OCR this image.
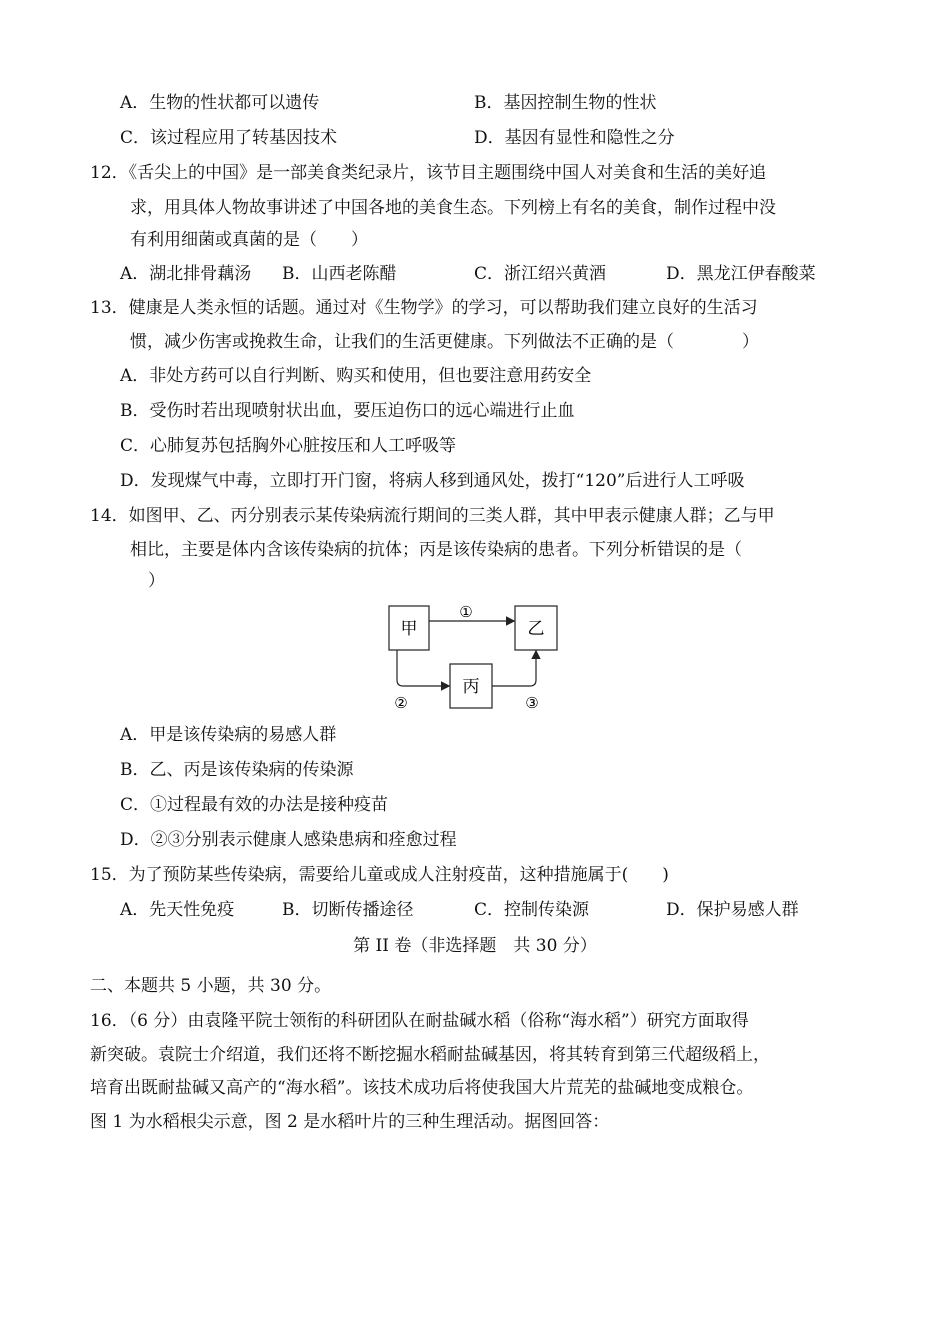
A．生物的性状都可以遗传	B．基因控制生物的性状
C．该过程应用了转基因技术	D．基因有显性和隐性之分
12．《舌尖上的中国》是一部美食类纪录片，该节目主题围绕中国人对美食和生活的美好追
求，用具体人物故事讲述了中国各地的美食生态。下列榜上有名的美食，制作过程中没
有利用细菌或真菌的是（　　）
A．湖北排骨藕汤 B．山西老陈醋	C．浙江绍兴黄酒	D．黑龙江伊春酸菜
13．健康是人类永恒的话题。通过对《生物学》的学习，可以帮助我们建立良好的生活习
惯，减少伤害或挽救生命，让我们的生活更健康。下列做法不正确的是（　　　　）
A．非处方药可以自行判断、购买和使用，但也要注意用药安全
B．受伤时若出现喷射状出血，要压迫伤口的远心端进行止血
C．心肺复苏包括胸外心脏按压和人工呼吸等
D．发现煤气中毒，立即打开门窗，将病人移到通风处，拨打“120”后进行人工呼吸
14．如图甲、乙、丙分别表示某传染病流行期间的三类人群，其中甲表示健康人群；乙与甲
相比，主要是体内含该传染病的抗体；丙是该传染病的患者。下列分析错误的是（
）
甲	乙
丙
①
②	③
A．甲是该传染病的易感人群
B．乙、丙是该传染病的传染源
C．①过程最有效的办法是接种疫苗
D．②③分别表示健康人感染患病和痊愈过程
15．为了预防某些传染病，需要给儿童或成人注射疫苗，这种措施属于(　　)
A．先天性免疫	B．切断传播途径	C．控制传染源	D．保护易感人群
第 II 卷（非选择题　共 30 分）
二、本题共 5 小题，共 30 分。
16．（6 分）由袁隆平院士领衔的科研团队在耐盐碱水稻（俗称“海水稻”）研究方面取得
新突破。袁院士介绍道，我们还将不断挖掘水稻耐盐碱基因，将其转育到第三代超级稻上，
培育出既耐盐碱又高产的“海水稻”。该技术成功后将使我国大片荒芜的盐碱地变成粮仓。
图 1 为水稻根尖示意，图 2 是水稻叶片的三种生理活动。据图回答：
